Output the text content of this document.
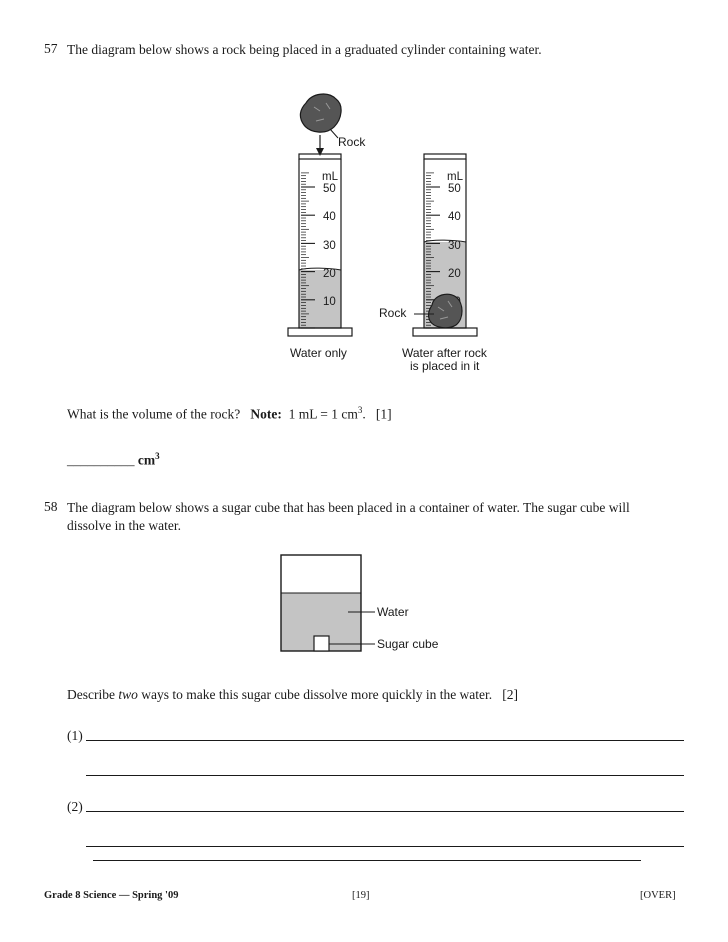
57 The diagram below shows a rock being placed in a graduated cylinder containing water.
Rock
mL
50
40
30
20
10
Water only
mL
50
40
30
20
Rock
Water after rock
is placed in it
What is the volume of the rock? Note: 1 mL = 1 $cm^3$. [1]
__________ $cm^3$
58 The diagram below shows a sugar cube that has been placed in a container of water. The sugar cube will
dissolve in the water.
Water
Sugar cube
Describe two ways to make this sugar cube dissolve more quickly in the water. [2]
(1)
(2)
Grade 8 Science — Spring '09	[19]	[OVER]
